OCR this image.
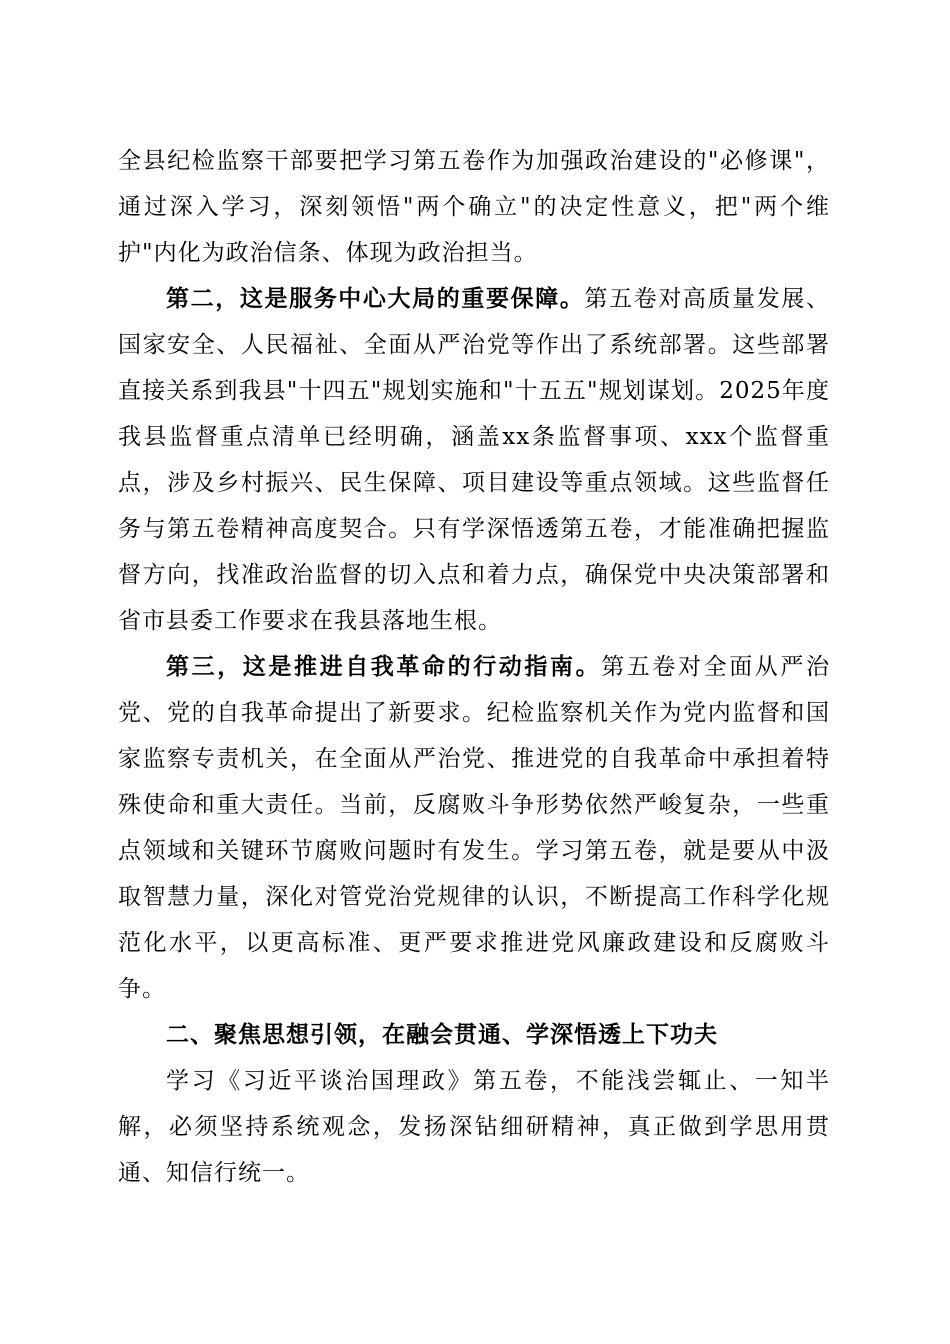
全县纪检监察干部要把学习第五卷作为加强政治建设的"必修课"，通过深入学习，深刻领悟"两个确立"的决定性意义，把"两个维护"内化为政治信条、体现为政治担当。

第二，这是服务中心大局的重要保障。第五卷对高质量发展、国家安全、人民福祉、全面从严治党等作出了系统部署。这些部署直接关系到我县"十四五"规划实施和"十五五"规划谋划。2025年度我县监督重点清单已经明确，涵盖xx条监督事项、xxx个监督重点，涉及乡村振兴、民生保障、项目建设等重点领域。这些监督任务与第五卷精神高度契合。只有学深悟透第五卷，才能准确把握监督方向，找准政治监督的切入点和着力点，确保党中央决策部署和省市县委工作要求在我县落地生根。

第三，这是推进自我革命的行动指南。第五卷对全面从严治党、党的自我革命提出了新要求。纪检监察机关作为党内监督和国家监察专责机关，在全面从严治党、推进党的自我革命中承担着特殊使命和重大责任。当前，反腐败斗争形势依然严峻复杂，一些重点领域和关键环节腐败问题时有发生。学习第五卷，就是要从中汲取智慧力量，深化对管党治党规律的认识，不断提高工作科学化规范化水平，以更高标准、更严要求推进党风廉政建设和反腐败斗争。

二、聚焦思想引领，在融会贯通、学深悟透上下功夫

学习《习近平谈治国理政》第五卷，不能浅尝辄止、一知半解，必须坚持系统观念，发扬深钻细研精神，真正做到学思用贯通、知信行统一。
